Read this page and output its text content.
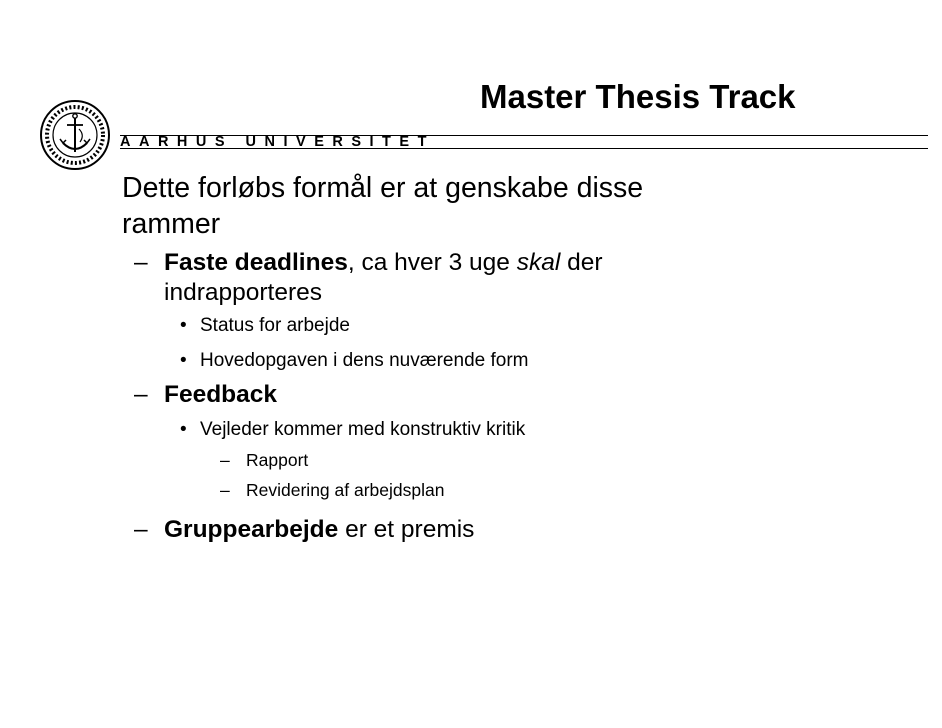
AARHUS UNIVERSITET
Master Thesis Track
Dette forløbs formål er at genskabe disse
rammer
– Faste deadlines, ca hver 3 uge skal der
indrapporteres
• Status for arbejde
• Hovedopgaven i dens nuværende form
– Feedback
• Vejleder kommer med konstruktiv kritik
– Rapport
– Revidering af arbejdsplan
– Gruppearbejde er et premis
